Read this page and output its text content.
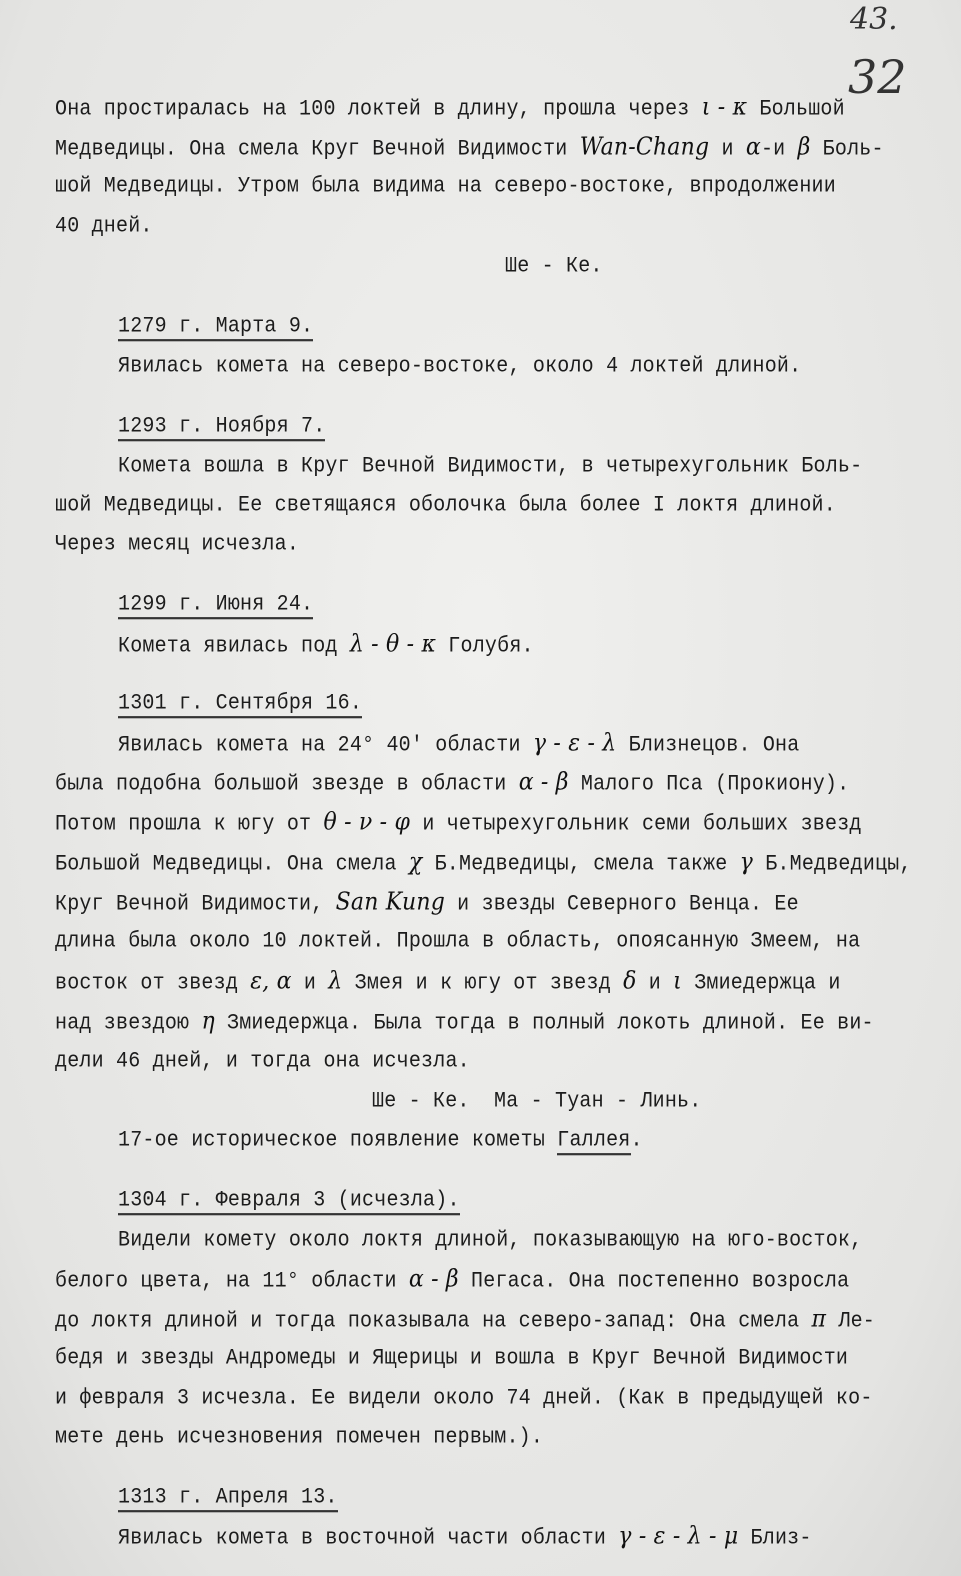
43.
32
Она простиралась на 100 локтей в длину, прошла через ι - κ Большой
Медведицы. Она смела Круг Вечной Видимости Wan-Chang и α-и β Боль-
шой Медведицы. Утром была видима на северо-востоке, впродолжении
40 дней.
Ше - Ке.
1279 г. Марта 9.
Явилась комета на северо-востоке, около 4 локтей длиной.
1293 г. Ноября 7.
Комета вошла в Круг Вечной Видимости, в четырехугольник Боль-
шой Медведицы. Ее светящаяся оболочка была более I локтя длиной.
Через месяц исчезла.
1299 г. Июня 24.
Комета явилась под λ - θ - κ Голубя.
1301 г. Сентября 16.
Явилась комета на 24° 40′ области γ - ε - λ Близнецов. Она
была подобна большой звезде в области α - β Малого Пса (Прокиону).
Потом прошла к югу от θ - ν - φ и четырехугольник семи больших звезд
Большой Медведицы. Она смела χ Б.Медведицы, смела также γ Б.Медведицы,
Круг Вечной Видимости, San Kung и звезды Северного Венца. Ее
длина была около 10 локтей. Прошла в область, опоясанную Змеем, на
восток от звезд ε, α и λ Змея и к югу от звезд δ и ι Змиедержца и
над звездою η Змиедержца. Была тогда в полный локоть длиной. Ее ви-
дели 46 дней, и тогда она исчезла.
Ше - Ке.  Ма - Туан - Линь.
17-ое историческое появление кометы Галлея.
1304 г. Февраля 3 (исчезла).
Видели комету около локтя длиной, показывающую на юго-восток,
белого цвета, на 11° области α - β Пегаса. Она постепенно возросла
до локтя длиной и тогда показывала на северо-запад: Она смела π Ле-
бедя и звезды Андромеды и Ящерицы и вошла в Круг Вечной Видимости
и февраля 3 исчезла. Ее видели около 74 дней. (Как в предыдущей ко-
мете день исчезновения помечен первым.).
1313 г. Апреля 13.
Явилась комета в восточной части области γ - ε - λ - μ Близ-
